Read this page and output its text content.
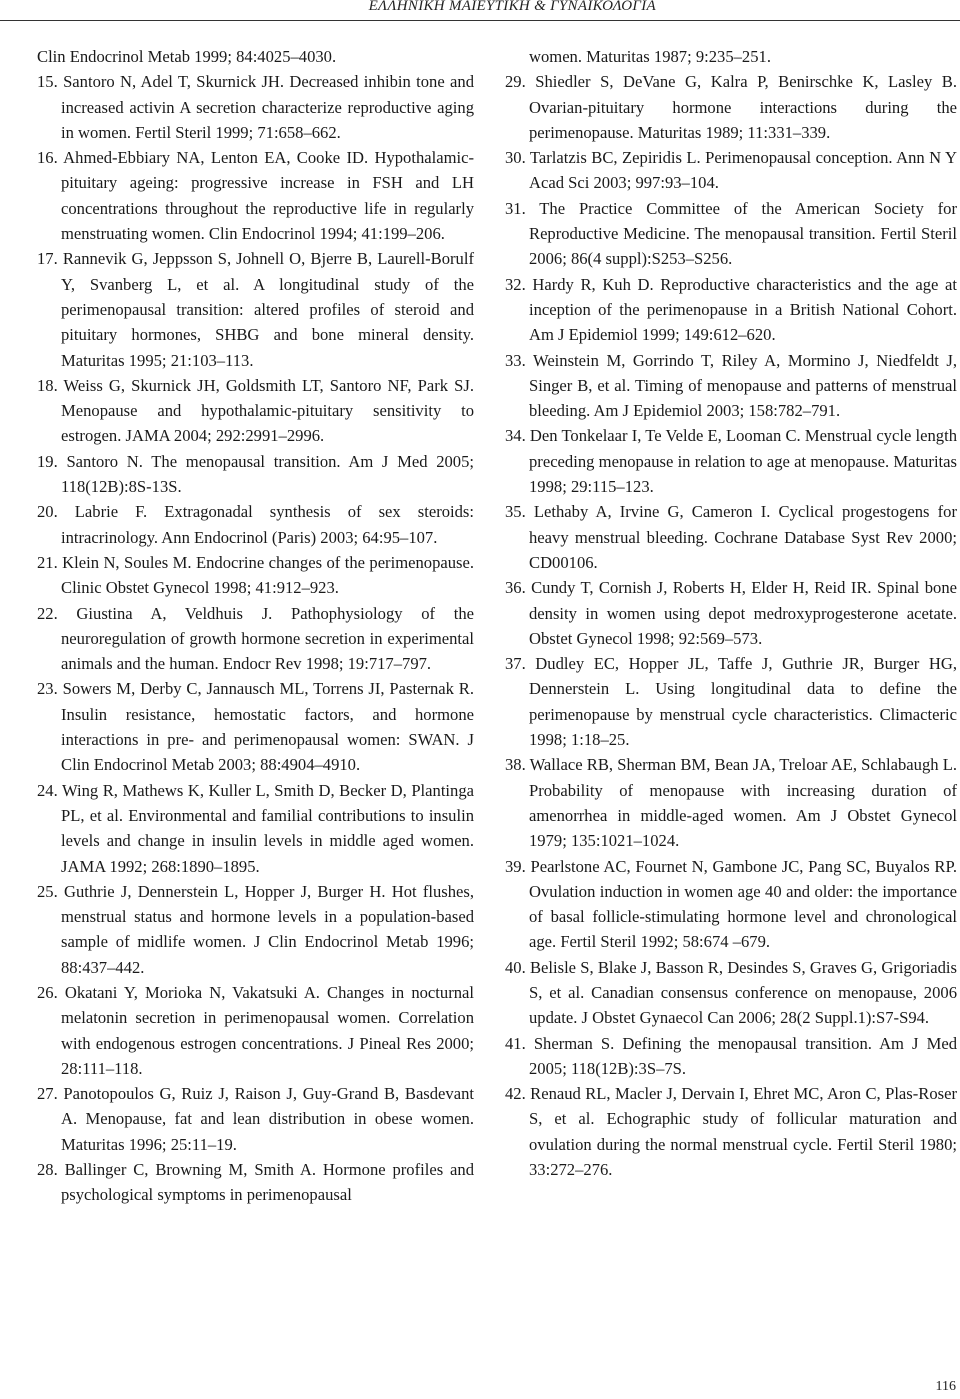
ΕΛΛΗΝΙΚΗ ΜΑΙΕΥΤΙΚΗ & ΓΥΝΑΙΚΟΛΟΓΙΑ

Clin Endocrinol Metab 1999; 84:4025–4030.

15. Santoro N, Adel T, Skurnick JH. Decreased inhibin tone and increased activin A secretion characterize reproductive aging in women. Fertil Steril 1999; 71:658–662.

16. Ahmed-Ebbiary NA, Lenton EA, Cooke ID. Hypothalamic-pituitary ageing: progressive increase in FSH and LH concentrations throughout the reproductive life in regularly menstruating women. Clin Endocrinol 1994; 41:199–206.

17. Rannevik G, Jeppsson S, Johnell O, Bjerre B, Laurell-Borulf Y, Svanberg L, et al. A longitudinal study of the perimenopausal transition: altered profiles of steroid and pituitary hormones, SHBG and bone mineral density. Maturitas 1995; 21:103–113.

18. Weiss G, Skurnick JH, Goldsmith LT, Santoro NF, Park SJ. Menopause and hypothalamic-pituitary sensitivity to estrogen. JAMA 2004; 292:2991–2996.

19. Santoro N. The menopausal transition. Am J Med 2005; 118(12B):8S-13S.

20. Labrie F. Extragonadal synthesis of sex steroids: intracrinology. Ann Endocrinol (Paris) 2003; 64:95–107.

21. Klein N, Soules M. Endocrine changes of the perimenopause. Clinic Obstet Gynecol 1998; 41:912–923.

22. Giustina A, Veldhuis J. Pathophysiology of the neuroregulation of growth hormone secretion in experimental animals and the human. Endocr Rev 1998; 19:717–797.

23. Sowers M, Derby C, Jannausch ML, Torrens JI, Pasternak R. Insulin resistance, hemostatic factors, and hormone interactions in pre- and perimenopausal women: SWAN. J Clin Endocrinol Metab 2003; 88:4904–4910.

24. Wing R, Mathews K, Kuller L, Smith D, Becker D, Plantinga PL, et al. Environmental and familial contributions to insulin levels and change in insulin levels in middle aged women. JAMA 1992; 268:1890–1895.

25. Guthrie J, Dennerstein L, Hopper J, Burger H. Hot flushes, menstrual status and hormone levels in a population-based sample of midlife women. J Clin Endocrinol Metab 1996; 88:437–442.

26. Okatani Y, Morioka N, Vakatsuki A. Changes in nocturnal melatonin secretion in perimenopausal women. Correlation with endogenous estrogen concentrations. J Pineal Res 2000; 28:111–118.

27. Panotopoulos G, Ruiz J, Raison J, Guy-Grand B, Basdevant A. Menopause, fat and lean distribution in obese women. Maturitas 1996; 25:11–19.

28. Ballinger C, Browning M, Smith A. Hormone profiles and psychological symptoms in perimenopausal

women. Maturitas 1987; 9:235–251.

29. Shiedler S, DeVane G, Kalra P, Benirschke K, Lasley B. Ovarian-pituitary hormone interactions during the perimenopause. Maturitas 1989; 11:331–339.

30. Tarlatzis BC, Zepiridis L. Perimenopausal conception. Ann N Y Acad Sci 2003; 997:93–104.

31. The Practice Committee of the American Society for Reproductive Medicine. The menopausal transition. Fertil Steril 2006; 86(4 suppl):S253–S256.

32. Hardy R, Kuh D. Reproductive characteristics and the age at inception of the perimenopause in a British National Cohort. Am J Epidemiol 1999; 149:612–620.

33. Weinstein M, Gorrindo T, Riley A, Mormino J, Niedfeldt J, Singer B, et al. Timing of menopause and patterns of menstrual bleeding. Am J Epidemiol 2003; 158:782–791.

34. Den Tonkelaar I, Te Velde E, Looman C. Menstrual cycle length preceding menopause in relation to age at menopause. Maturitas 1998; 29:115–123.

35. Lethaby A, Irvine G, Cameron I. Cyclical progestogens for heavy menstrual bleeding. Cochrane Database Syst Rev 2000; CD00106.

36. Cundy T, Cornish J, Roberts H, Elder H, Reid IR. Spinal bone density in women using depot medroxyprogesterone acetate. Obstet Gynecol 1998; 92:569–573.

37. Dudley EC, Hopper JL, Taffe J, Guthrie JR, Burger HG, Dennerstein L. Using longitudinal data to define the perimenopause by menstrual cycle characteristics. Climacteric 1998; 1:18–25.

38. Wallace RB, Sherman BM, Bean JA, Treloar AE, Schlabaugh L. Probability of menopause with increasing duration of amenorrhea in middle-aged women. Am J Obstet Gynecol 1979; 135:1021–1024.

39. Pearlstone AC, Fournet N, Gambone JC, Pang SC, Buyalos RP. Ovulation induction in women age 40 and older: the importance of basal follicle-stimulating hormone level and chronological age. Fertil Steril 1992; 58:674 –679.

40. Belisle S, Blake J, Basson R, Desindes S, Graves G, Grigoriadis S, et al. Canadian consensus conference on menopause, 2006 update. J Obstet Gynaecol Can 2006; 28(2 Suppl.1):S7-S94.

41. Sherman S. Defining the menopausal transition. Am J Med 2005; 118(12B):3S–7S.

42. Renaud RL, Macler J, Dervain I, Ehret MC, Aron C, Plas-Roser S, et al. Echographic study of follicular maturation and ovulation during the normal menstrual cycle. Fertil Steril 1980; 33:272–276.

116
